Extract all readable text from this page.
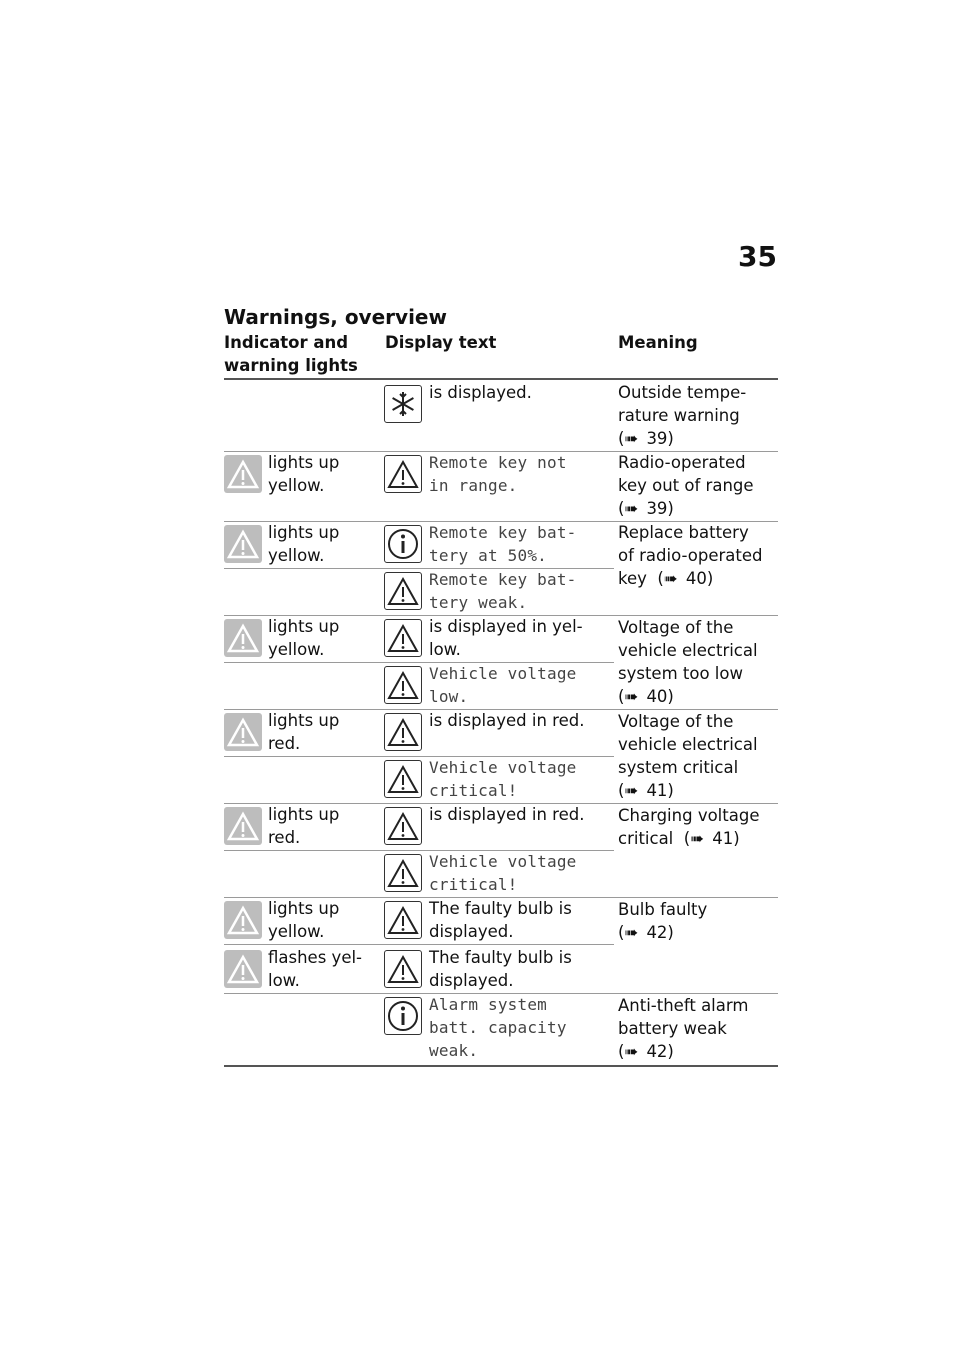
35
Warnings, overview
Indicator and warning lights
Display text	Meaning
is displayed.	Outside tempe-
rature warning
(➠ 39)
lights up
yellow.
Remote key not
in range.
Radio-operated
key out of range
(➠ 39)
lights up
yellow.
Remote key bat-
tery at 50%.
Replace battery
of radio-operated
key  (➠ 40)
Remote key bat-
tery weak.
lights up
yellow.
is displayed in yel-
low.
Voltage of the
vehicle electrical
system too low
(➠ 40)
Vehicle voltage
low.
lights up
red.
is displayed in red. Voltage of the
vehicle electrical
system critical
(➠ 41)
Vehicle voltage
critical!
lights up
red.
is displayed in red. Charging voltage
critical  (➠ 41)
Vehicle voltage
critical!
lights up
yellow.
The faulty bulb is
displayed.
Bulb faulty
(➠ 42)
flashes yel-
low.
The faulty bulb is
displayed.
Alarm system
batt. capacity
weak.
Anti-theft alarm
battery weak
(➠ 42)
